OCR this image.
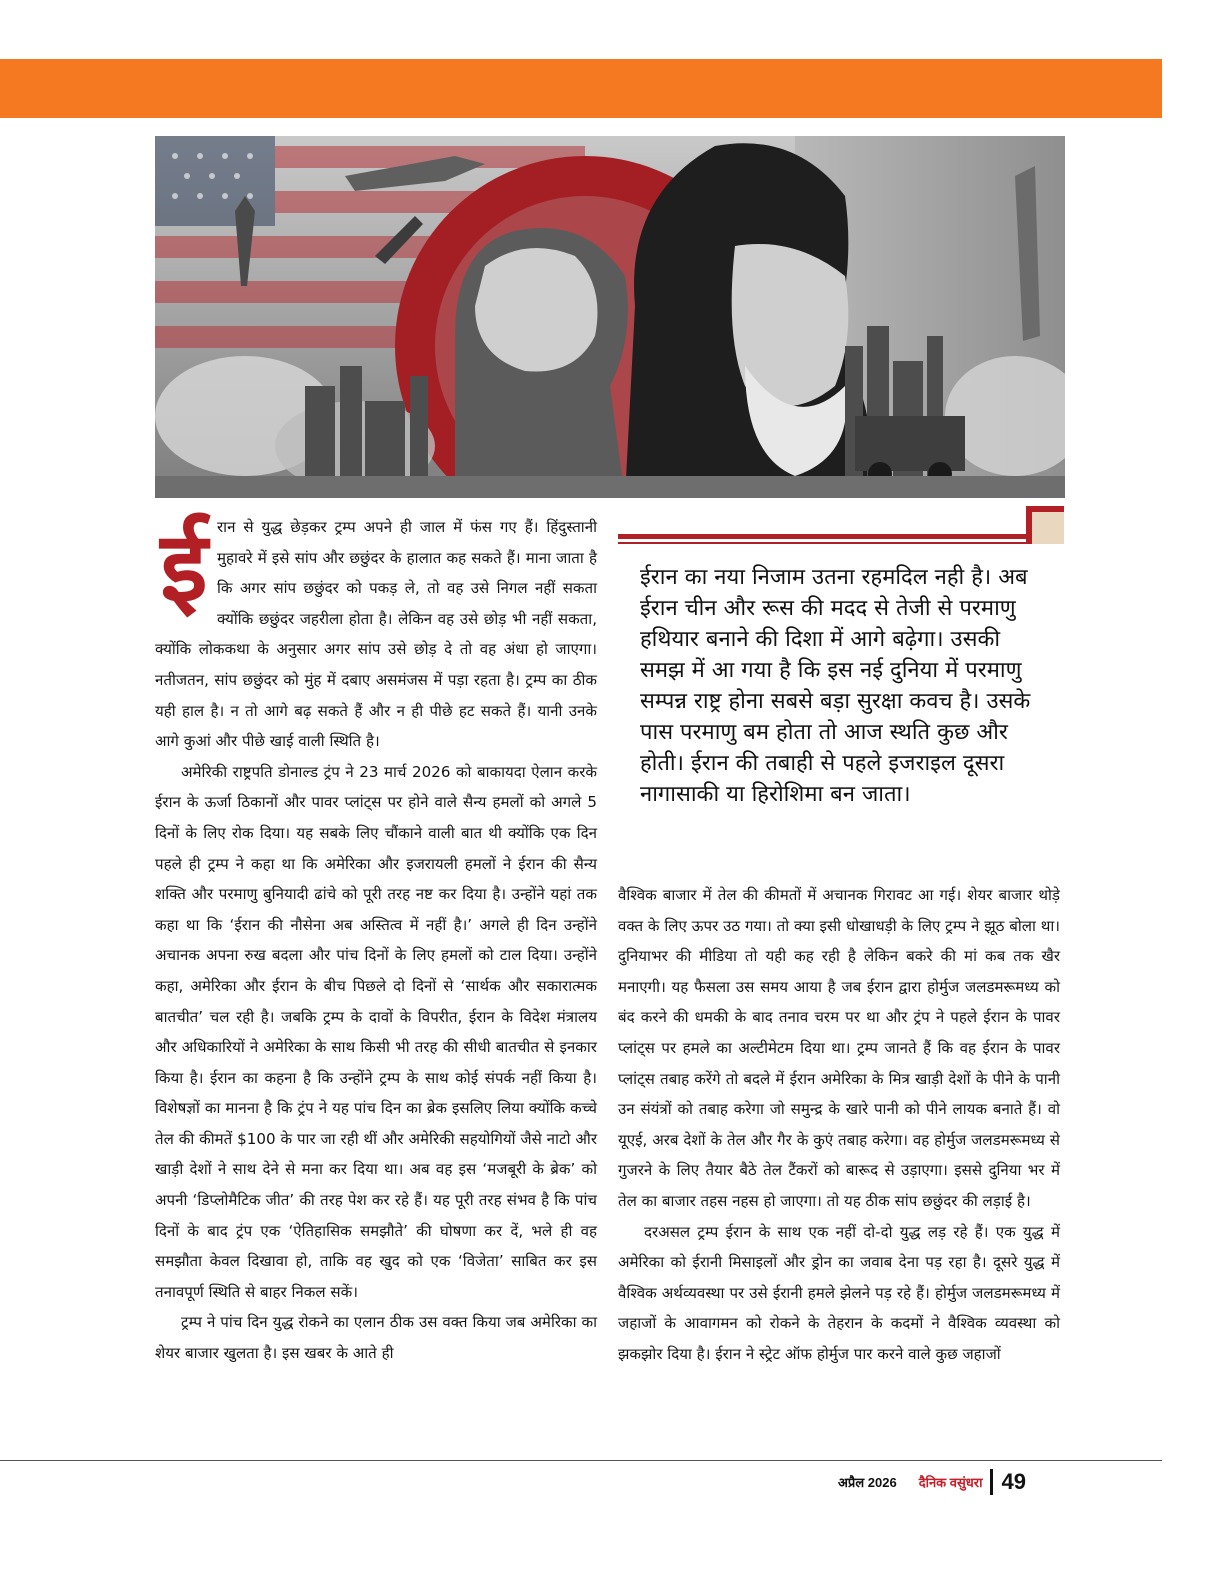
ईरान से युद्ध छेड़कर ट्रम्प अपने ही जाल में फंस गए हैं। हिंदुस्तानी मुहावरे में इसे सांप और छछुंदर के हालात कह सकते हैं। माना जाता है कि अगर सांप छछुंदर को पकड़ ले, तो वह उसे निगल नहीं सकता क्योंकि छछुंदर जहरीला होता है। लेकिन वह उसे छोड़ भी नहीं सकता, क्योंकि लोककथा के अनुसार अगर सांप उसे छोड़ दे तो वह अंधा हो जाएगा। नतीजतन, सांप छछुंदर को मुंह में दबाए असमंजस में पड़ा रहता है। ट्रम्प का ठीक यही हाल है। न तो आगे बढ़ सकते हैं और न ही पीछे हट सकते हैं। यानी उनके आगे कुआं और पीछे खाई वाली स्थिति है।

अमेरिकी राष्ट्रपति डोनाल्ड ट्रंप ने 23 मार्च 2026 को बाकायदा ऐलान करके ईरान के ऊर्जा ठिकानों और पावर प्लांट्स पर होने वाले सैन्य हमलों को अगले 5 दिनों के लिए रोक दिया। यह सबके लिए चौंकाने वाली बात थी क्योंकि एक दिन पहले ही ट्रम्प ने कहा था कि अमेरिका और इजरायली हमलों ने ईरान की सैन्य शक्ति और परमाणु बुनियादी ढांचे को पूरी तरह नष्ट कर दिया है। उन्होंने यहां तक कहा था कि ‘ईरान की नौसेना अब अस्तित्व में नहीं है।’ अगले ही दिन उन्होंने अचानक अपना रुख बदला और पांच दिनों के लिए हमलों को टाल दिया। उन्होंने कहा, अमेरिका और ईरान के बीच पिछले दो दिनों से ‘सार्थक और सकारात्मक बातचीत’ चल रही है। जबकि ट्रम्प के दावों के विपरीत, ईरान के विदेश मंत्रालय और अधिकारियों ने अमेरिका के साथ किसी भी तरह की सीधी बातचीत से इनकार किया है। ईरान का कहना है कि उन्होंने ट्रम्प के साथ कोई संपर्क नहीं किया है। विशेषज्ञों का मानना है कि ट्रंप ने यह पांच दिन का ब्रेक इसलिए लिया क्योंकि कच्चे तेल की कीमतें $100 के पार जा रही थीं और अमेरिकी सहयोगियों जैसे नाटो और खाड़ी देशों ने साथ देने से मना कर दिया था। अब वह इस ‘मजबूरी के ब्रेक’ को अपनी ‘डिप्लोमैटिक जीत’ की तरह पेश कर रहे हैं। यह पूरी तरह संभव है कि पांच दिनों के बाद ट्रंप एक ‘ऐतिहासिक समझौते’ की घोषणा कर दें, भले ही वह समझौता केवल दिखावा हो, ताकि वह खुद को एक ‘विजेता’ साबित कर इस तनावपूर्ण स्थिति से बाहर निकल सकें।

ट्रम्प ने पांच दिन युद्ध रोकने का एलान ठीक उस वक्त किया जब अमेरिका का शेयर बाजार खुलता है। इस खबर के आते ही

ईरान का नया निजाम उतना रहमदिल नही है। अब ईरान चीन और रूस की मदद से तेजी से परमाणु हथियार बनाने की दिशा में आगे बढ़ेगा। उसकी समझ में आ गया है कि इस नई दुनिया में परमाणु सम्पन्न राष्ट्र होना सबसे बड़ा सुरक्षा कवच है। उसके पास परमाणु बम होता तो आज स्थति कुछ और होती। ईरान की तबाही से पहले इजराइल दूसरा नागासाकी या हिरोशिमा बन जाता।

वैश्विक बाजार में तेल की कीमतों में अचानक गिरावट आ गई। शेयर बाजार थोड़े वक्त के लिए ऊपर उठ गया। तो क्या इसी धोखाधड़ी के लिए ट्रम्प ने झूठ बोला था। दुनियाभर की मीडिया तो यही कह रही है लेकिन बकरे की मां कब तक खैर मनाएगी। यह फैसला उस समय आया है जब ईरान द्वारा होर्मुज जलडमरूमध्य को बंद करने की धमकी के बाद तनाव चरम पर था और ट्रंप ने पहले ईरान के पावर प्लांट्स पर हमले का अल्टीमेटम दिया था। ट्रम्प जानते हैं कि वह ईरान के पावर प्लांट्स तबाह करेंगे तो बदले में ईरान अमेरिका के मित्र खाड़ी देशों के पीने के पानी उन संयंत्रों को तबाह करेगा जो समुन्द्र के खारे पानी को पीने लायक बनाते हैं। वो यूएई, अरब देशों के तेल और गैर के कुएं तबाह करेगा। वह होर्मुज जलडमरूमध्य से गुजरने के लिए तैयार बैठे तेल टैंकरों को बारूद से उड़ाएगा। इससे दुनिया भर में तेल का बाजार तहस नहस हो जाएगा। तो यह ठीक सांप छछुंदर की लड़ाई है।

दरअसल ट्रम्प ईरान के साथ एक नहीं दो-दो युद्ध लड़ रहे हैं। एक युद्ध में अमेरिका को ईरानी मिसाइलों और ड्रोन का जवाब देना पड़ रहा है। दूसरे युद्ध में वैश्विक अर्थव्यवस्था पर उसे ईरानी हमले झेलने पड़ रहे हैं। होर्मुज जलडमरूमध्य में जहाजों के आवागमन को रोकने के तेहरान के कदमों ने वैश्विक व्यवस्था को झकझोर दिया है। ईरान ने स्ट्रेट ऑफ होर्मुज पार करने वाले कुछ जहाजों

अप्रैल 2026 दैनिक वसुंधरा 49
